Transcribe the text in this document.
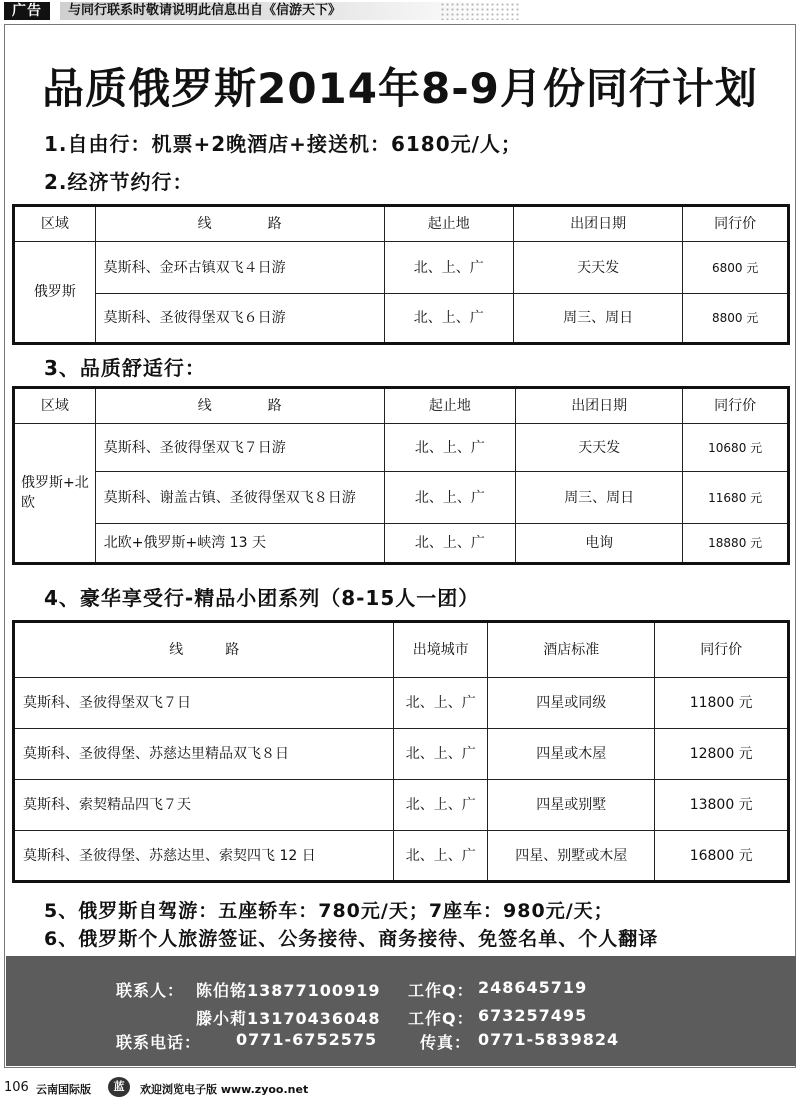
广告	与同行联系时敬请说明此信息出自《信游天下》
品质俄罗斯2014年8-9月份同行计划
1.自由行：机票+2晚酒店+接送机：6180元/人；
2.经济节约行：
区域	线　　　　路	起止地	出团日期	同行价
俄罗斯	莫斯科、金环古镇双飞４日游	北、上、广	天天发	6800 元
	莫斯科、圣彼得堡双飞６日游	北、上、广	周三、周日	8800 元
3、品质舒适行：
区域	线　　　　路	起止地	出团日期	同行价
俄罗斯+北欧	莫斯科、圣彼得堡双飞７日游	北、上、广	天天发	10680 元
	莫斯科、谢盖古镇、圣彼得堡双飞８日游	北、上、广	周三、周日	11680 元
	北欧+俄罗斯+峡湾 13 天	北、上、广	电询	18880 元
4、豪华享受行-精品小团系列（8-15人一团）
线　　　路	出境城市	酒店标准	同行价
莫斯科、圣彼得堡双飞７日	北、上、广	四星或同级	11800 元
莫斯科、圣彼得堡、苏慈达里精品双飞８日	北、上、广	四星或木屋	12800 元
莫斯科、索契精品四飞７天	北、上、广	四星或别墅	13800 元
莫斯科、圣彼得堡、苏慈达里、索契四飞 12 日	北、上、广	四星、别墅或木屋	16800 元
5、俄罗斯自驾游：五座轿车：780元/天；7座车：980元/天；
6、俄罗斯个人旅游签证、公务接待、商务接待、免签名单、个人翻译
联系人： 陈伯铭13877100919
滕小莉13170436048
工作Q： 248645719
工作Q： 673257495
联系电话： 0771-6752575	传真： 0771-5839824
106 云南国际版	蓝	欢迎浏览电子版 www.zyoo.net
